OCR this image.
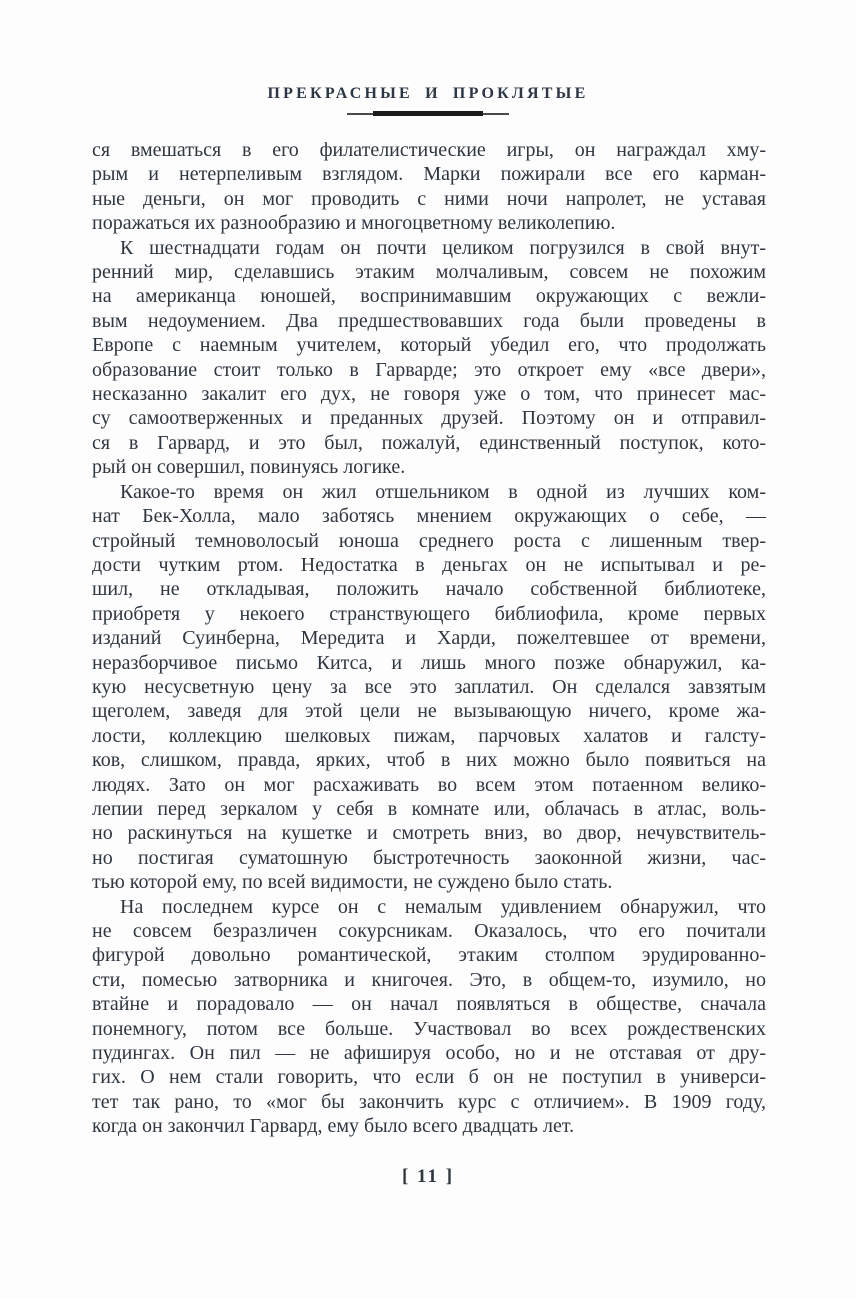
ПРЕКРАСНЫЕ И ПРОКЛЯТЫЕ
ся вмешаться в его филателистические игры, он награждал хму-
рым и нетерпеливым взглядом. Марки пожирали все его карман-
ные деньги, он мог проводить с ними ночи напролет, не уставая
поражаться их разнообразию и многоцветному великолепию.
К шестнадцати годам он почти целиком погрузился в свой внут-
ренний мир, сделавшись этаким молчаливым, совсем не похожим
на американца юношей, воспринимавшим окружающих с вежли-
вым недоумением. Два предшествовавших года были проведены в
Европе с наемным учителем, который убедил его, что продолжать
образование стоит только в Гарварде; это откроет ему «все двери»,
несказанно закалит его дух, не говоря уже о том, что принесет мас-
су самоотверженных и преданных друзей. Поэтому он и отправил-
ся в Гарвард, и это был, пожалуй, единственный поступок, кото-
рый он совершил, повинуясь логике.
Какое-то время он жил отшельником в одной из лучших ком-
нат Бек-Холла, мало заботясь мнением окружающих о себе, —
стройный темноволосый юноша среднего роста с лишенным твер-
дости чутким ртом. Недостатка в деньгах он не испытывал и ре-
шил, не откладывая, положить начало собственной библиотеке,
приобретя у некоего странствующего библиофила, кроме первых
изданий Суинберна, Мередита и Харди, пожелтевшее от времени,
неразборчивое письмо Китса, и лишь много позже обнаружил, ка-
кую несусветную цену за все это заплатил. Он сделался завзятым
щеголем, заведя для этой цели не вызывающую ничего, кроме жа-
лости, коллекцию шелковых пижам, парчовых халатов и галсту-
ков, слишком, правда, ярких, чтоб в них можно было появиться на
людях. Зато он мог расхаживать во всем этом потаенном велико-
лепии перед зеркалом у себя в комнате или, облачась в атлас, воль-
но раскинуться на кушетке и смотреть вниз, во двор, нечувствитель-
но постигая суматошную быстротечность заоконной жизни, час-
тью которой ему, по всей видимости, не суждено было стать.
На последнем курсе он с немалым удивлением обнаружил, что
не совсем безразличен сокурсникам. Оказалось, что его почитали
фигурой довольно романтической, этаким столпом эрудированно-
сти, помесью затворника и книгочея. Это, в общем-то, изумило, но
втайне и порадовало — он начал появляться в обществе, сначала
понемногу, потом все больше. Участвовал во всех рождественских
пудингах. Он пил — не афишируя особо, но и не отставая от дру-
гих. О нем стали говорить, что если б он не поступил в универси-
тет так рано, то «мог бы закончить курс с отличием». В 1909 году,
когда он закончил Гарвард, ему было всего двадцать лет.
[ 11 ]
